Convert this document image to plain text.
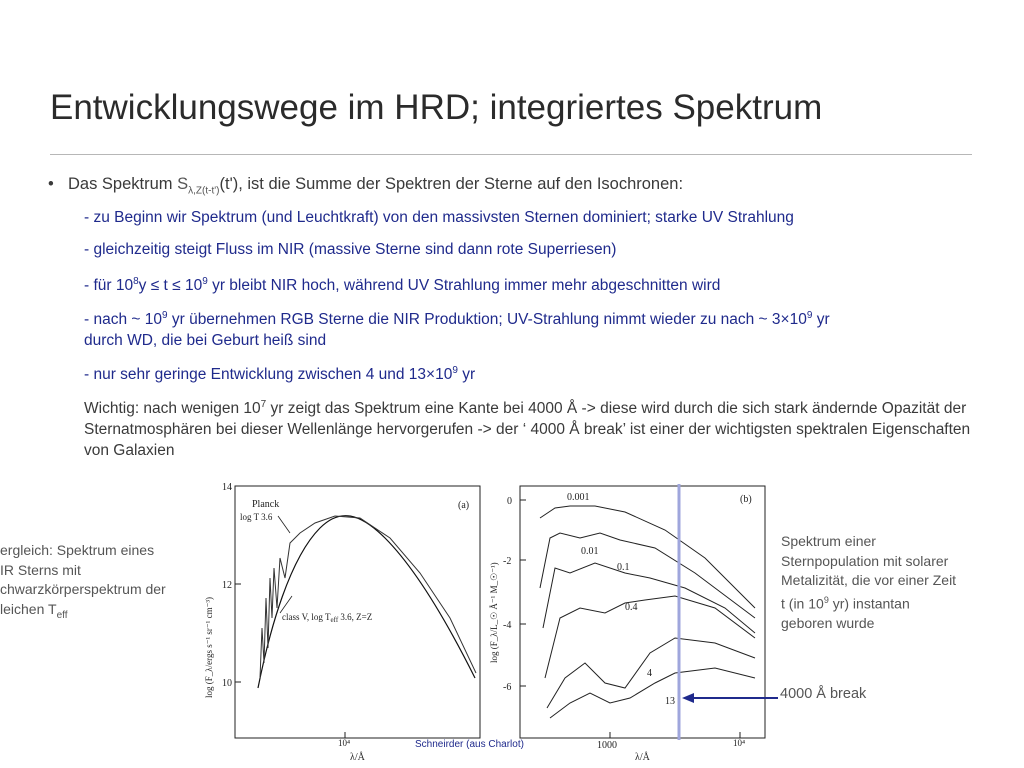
Entwicklungswege im HRD; integriertes Spektrum
• Das Spektrum $S_{\lambda,Z(t-t')}(t')$, ist die Summe der Spektren der Sterne auf den Isochronen:
- zu Beginn wir Spektrum (und Leuchtkraft) von den massivsten Sternen dominiert; starke UV Strahlung
- gleichzeitig steigt Fluss im NIR (massive Sterne sind dann rote Superriesen)
- für $10^8y \le t \le 10^9$ yr bleibt NIR hoch, während UV Strahlung immer mehr abgeschnitten wird
- nach ~ $10^9$ yr übernehmen RGB Sterne die NIR Produktion; UV-Strahlung nimmt wieder zu nach ~ $3\times 10^9$ yr
durch WD, die bei Geburt heiß sind
- nur sehr geringe Entwicklung zwischen 4 und $13\times 10^9$ yr
Wichtig: nach wenigen $10^7$ yr zeigt das Spektrum eine Kante bei 4000 Å -> diese wird durch die sich stark ändernde Opazität der Sternatmosphären bei dieser Wellenlänge hervorgerufen -> der ‘ 4000 Å break’ ist einer der wichtigsten spektralen Eigenschaften von Galaxien
ergleich: Spektrum eines
IR Sterns mit
chwarzkörperspektrum der
leichen $T_{eff}$
Spektrum einer
Sternpopulation mit solarer
Metalizität, die vor einer Zeit
t (in $10^9$ yr) instantan
geboren wurde
4000 Å break
Schneirder (aus Charlot)
14
12
10
10⁴
λ/Å
log (F_λ/ergs s⁻¹ sr⁻¹ cm⁻³)
(a)
Planck
log T 3.6
class V, $\log T_{eff}$ 3.6, Z=Z
0
-2
-4
-6
1000	10⁴
λ/Å
log (F_λ/L_☉ Å⁻¹ M_☉⁻¹)
(b)
0.001
0.01
0.1
0.4
4
13
